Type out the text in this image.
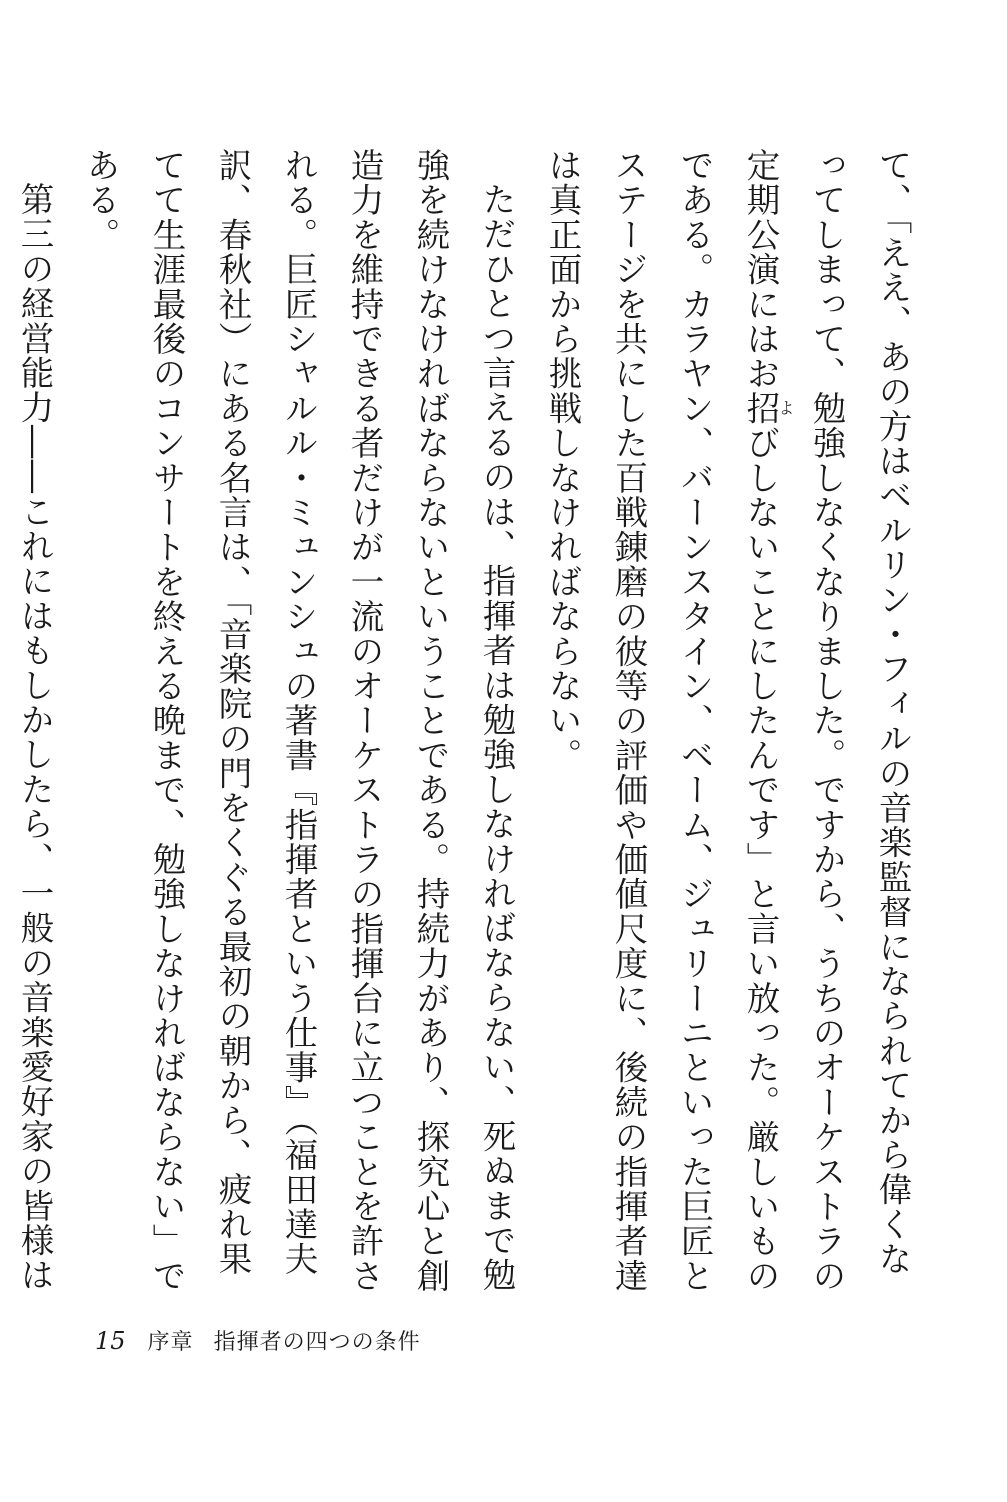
て、「ええ、あの方はベルリン・フィルの音楽監督になられてから偉くなってしまって、勉強しなくなりました。ですから、うちのオーケストラの定期公演にはお招よびしないことにしたんです」と言い放った。厳しいものである。カラヤン、バーンスタイン、ベーム、ジュリーニといった巨匠とステージを共にした百戦錬磨の彼等の評価や価値尺度に、後続の指揮者達は真正面から挑戦しなければならない。

ただひとつ言えるのは、指揮者は勉強しなければならない、死ぬまで勉強を続けなければならないということである。持続力があり、探究心と創造力を維持できる者だけが一流のオーケストラの指揮台に立つことを許される。巨匠シャルル・ミュンシュの著書『指揮者という仕事』（福田達夫訳、春秋社）にある名言は、「音楽院の門をくぐる最初の朝から、疲れ果てて生涯最後のコンサートを終える晩まで、勉強しなければならない」である。

第三の経営能力――これにはもしかしたら、一般の音楽愛好家の皆様は

15 序章 指揮者の四つの条件
